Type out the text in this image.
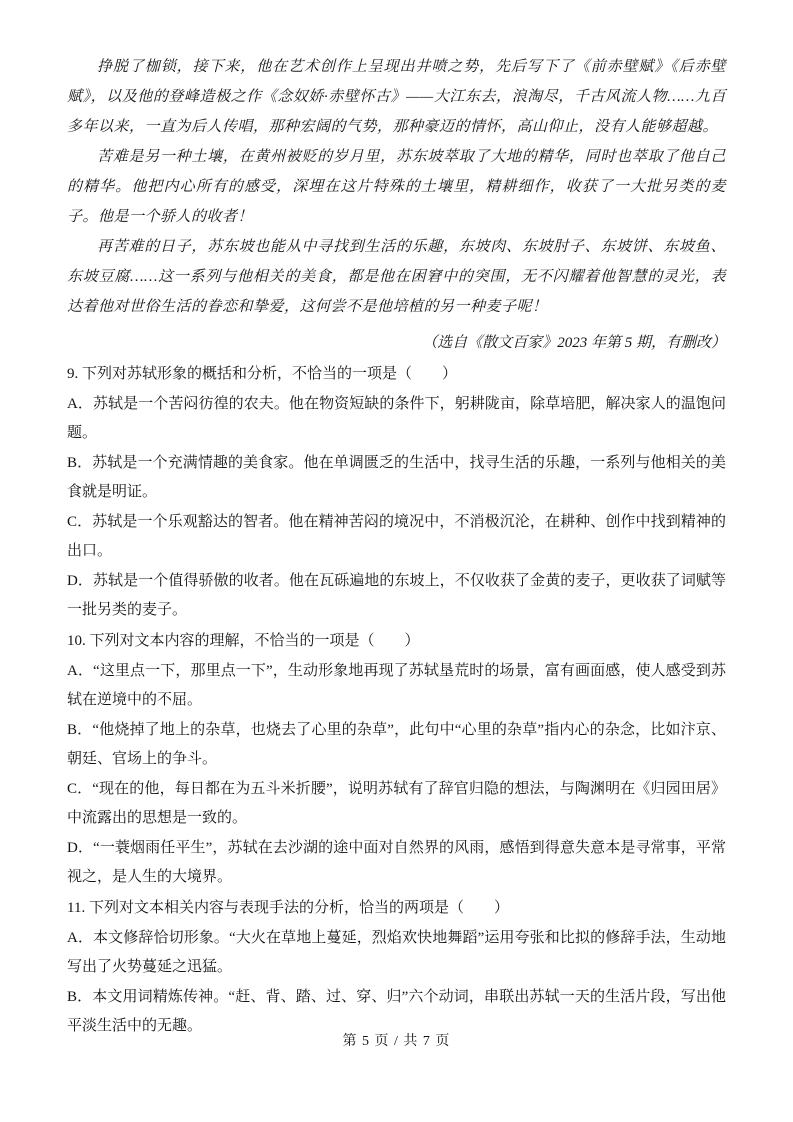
挣脱了枷锁，接下来，他在艺术创作上呈现出井喷之势，先后写下了《前赤壁赋》《后赤壁赋》，以及他的登峰造极之作《念奴娇·赤壁怀古》——大江东去，浪淘尽，千古风流人物……九百多年以来，一直为后人传唱，那种宏阔的气势，那种豪迈的情怀，高山仰止，没有人能够超越。

苦难是另一种土壤，在黄州被贬的岁月里，苏东坡萃取了大地的精华，同时也萃取了他自己的精华。他把内心所有的感受，深埋在这片特殊的土壤里，精耕细作，收获了一大批另类的麦子。他是一个骄人的收者！

再苦难的日子，苏东坡也能从中寻找到生活的乐趣，东坡肉、东坡肘子、东坡饼、东坡鱼、东坡豆腐……这一系列与他相关的美食，都是他在困窘中的突围，无不闪耀着他智慧的灵光，表达着他对世俗生活的眷恋和挚爱，这何尝不是他培植的另一种麦子呢！

（选自《散文百家》2023 年第 5 期，有删改）

9. 下列对苏轼形象的概括和分析，不恰当的一项是（　　）

A．苏轼是一个苦闷彷徨的农夫。他在物资短缺的条件下，躬耕陇亩，除草培肥，解决家人的温饱问题。

B．苏轼是一个充满情趣的美食家。他在单调匮乏的生活中，找寻生活的乐趣，一系列与他相关的美食就是明证。

C．苏轼是一个乐观豁达的智者。他在精神苦闷的境况中，不消极沉沦，在耕种、创作中找到精神的出口。

D．苏轼是一个值得骄傲的收者。他在瓦砾遍地的东坡上，不仅收获了金黄的麦子，更收获了词赋等一批另类的麦子。

10. 下列对文本内容的理解，不恰当的一项是（　　）

A．“这里点一下，那里点一下”，生动形象地再现了苏轼垦荒时的场景，富有画面感，使人感受到苏轼在逆境中的不屈。

B．“他烧掉了地上的杂草，也烧去了心里的杂草”，此句中“心里的杂草”指内心的杂念，比如汴京、朝廷、官场上的争斗。

C．“现在的他，每日都在为五斗米折腰”，说明苏轼有了辞官归隐的想法，与陶渊明在《归园田居》中流露出的思想是一致的。

D．“一蓑烟雨任平生”，苏轼在去沙湖的途中面对自然界的风雨，感悟到得意失意本是寻常事，平常视之，是人生的大境界。

11. 下列对文本相关内容与表现手法的分析，恰当的两项是（　　）

A．本文修辞恰切形象。“大火在草地上蔓延，烈焰欢快地舞蹈”运用夸张和比拟的修辞手法，生动地写出了火势蔓延之迅猛。

B．本文用词精炼传神。“赶、背、踏、过、穿、归”六个动词，串联出苏轼一天的生活片段，写出他平淡生活中的无趣。

第 5 页 / 共 7 页
